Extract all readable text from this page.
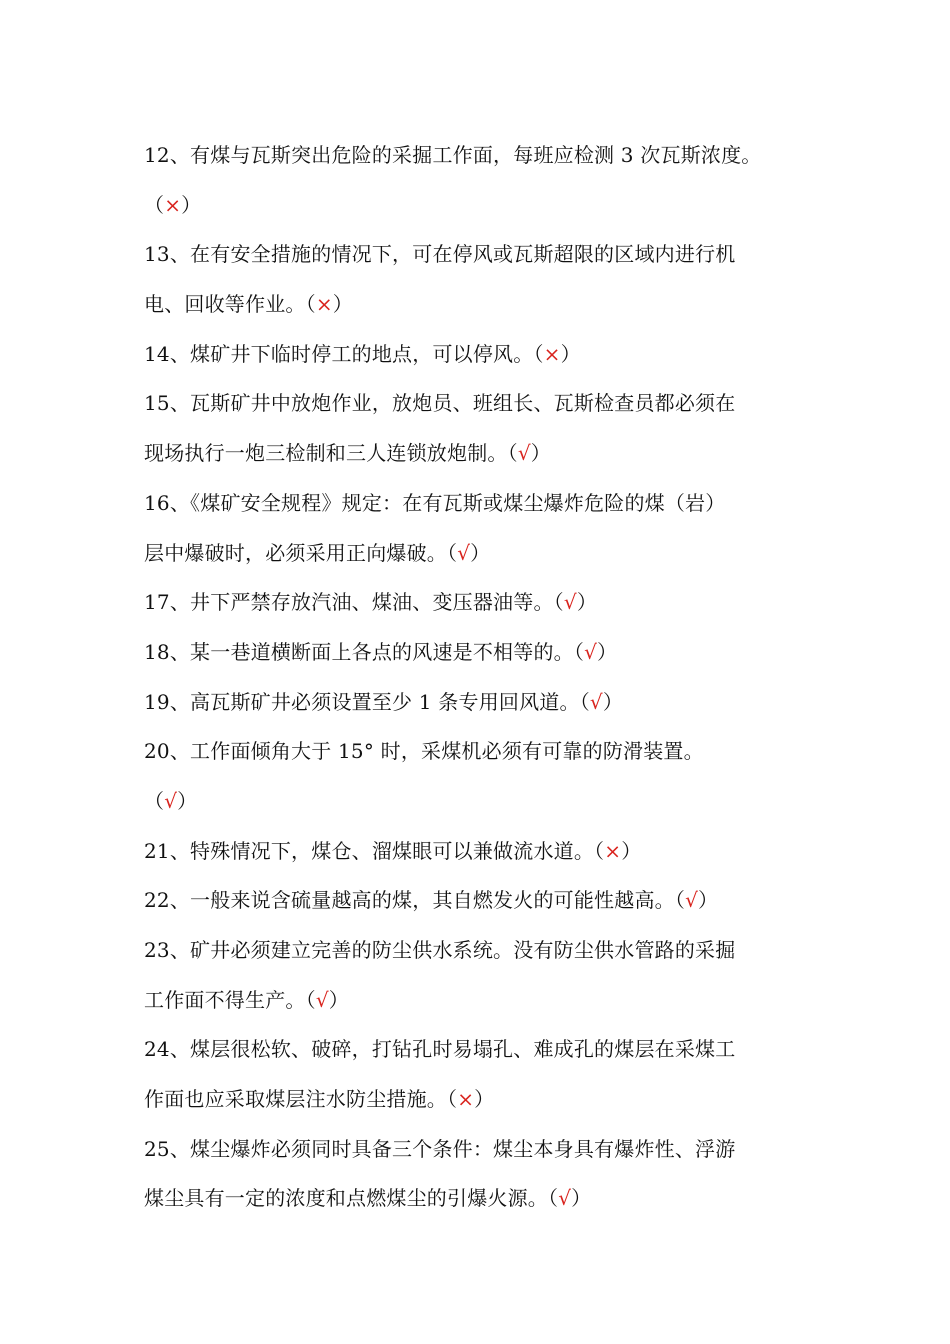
12、有煤与瓦斯突出危险的采掘工作面，每班应检测 3 次瓦斯浓度。
（×）
13、在有安全措施的情况下，可在停风或瓦斯超限的区域内进行机
电、回收等作业。（×）
14、煤矿井下临时停工的地点，可以停风。（×）
15、瓦斯矿井中放炮作业，放炮员、班组长、瓦斯检查员都必须在
现场执行一炮三检制和三人连锁放炮制。（√）
16、《煤矿安全规程》规定：在有瓦斯或煤尘爆炸危险的煤（岩）
层中爆破时，必须采用正向爆破。（√）
17、井下严禁存放汽油、煤油、变压器油等。（√）
18、某一巷道横断面上各点的风速是不相等的。（√）
19、高瓦斯矿井必须设置至少 1 条专用回风道。（√）
20、工作面倾角大于 15° 时，采煤机必须有可靠的防滑装置。
（√）
21、特殊情况下，煤仓、溜煤眼可以兼做流水道。（×）
22、一般来说含硫量越高的煤，其自燃发火的可能性越高。（√）
23、矿井必须建立完善的防尘供水系统。没有防尘供水管路的采掘
工作面不得生产。（√）
24、煤层很松软、破碎，打钻孔时易塌孔、难成孔的煤层在采煤工
作面也应采取煤层注水防尘措施。（×）
25、煤尘爆炸必须同时具备三个条件：煤尘本身具有爆炸性、浮游
煤尘具有一定的浓度和点燃煤尘的引爆火源。（√）
